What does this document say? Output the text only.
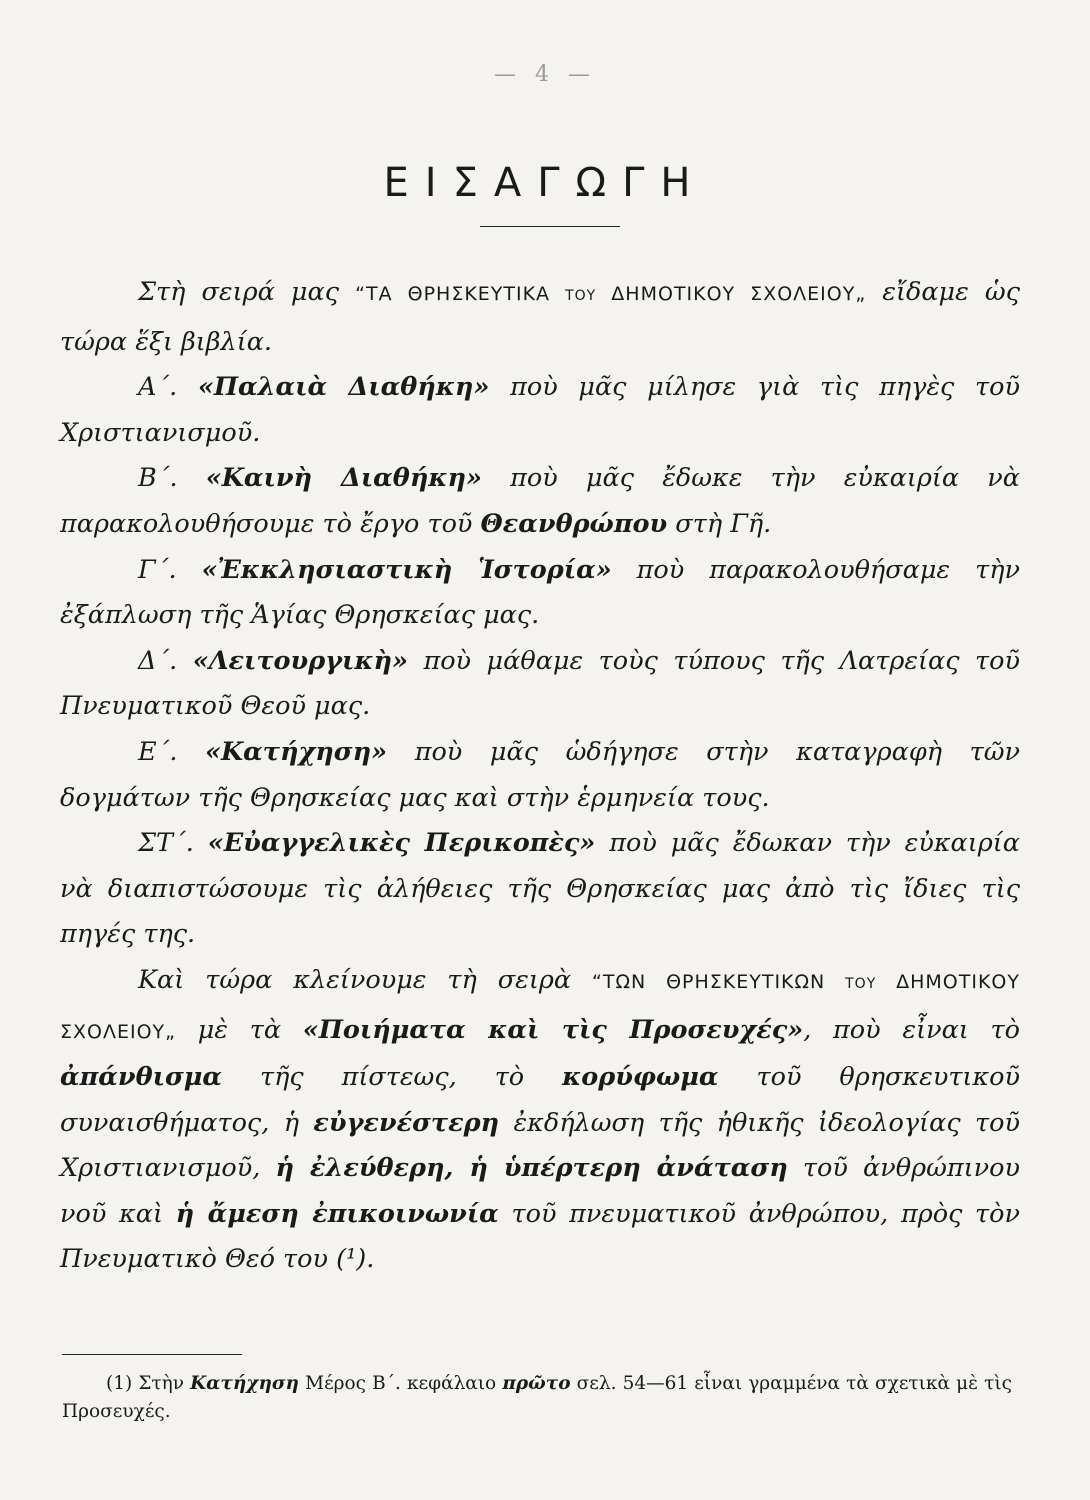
— 4 —
ΕΙΣΑΓΩΓΗ

Στὴ σειρά μας “ΤΑ ΘΡΗΣΚΕΥΤΙΚΑ ΤΟΥ ΔΗΜΟΤΙΚΟΥ ΣΧΟΛΕΙΟΥ„ εἴδαμε ὡς τώρα ἕξι βιβλία.

Α΄. «Παλαιὰ Διαθήκη» ποὺ μᾶς μίλησε γιὰ τὶς πηγὲς τοῦ Χριστιανισμοῦ.

Β΄. «Καινὴ Διαθήκη» ποὺ μᾶς ἔδωκε τὴν εὐκαιρία νὰ παρακολουθήσουμε τὸ ἔργο τοῦ Θεανθρώπου στὴ Γῆ.

Γ΄. «Ἐκκλησιαστικὴ Ἱστορία» ποὺ παρακολουθήσαμε τὴν ἐξάπλωση τῆς Ἁγίας Θρησκείας μας.

Δ΄. «Λειτουργικὴ» ποὺ μάθαμε τοὺς τύπους τῆς Λατρείας τοῦ Πνευματικοῦ Θεοῦ μας.

Ε΄. «Κατήχηση» ποὺ μᾶς ὡδήγησε στὴν καταγραφὴ τῶν δογμάτων τῆς Θρησκείας μας καὶ στὴν ἑρμηνεία τους.

ΣΤ΄. «Εὐαγγελικὲς Περικοπὲς» ποὺ μᾶς ἔδωκαν τὴν εὐκαιρία νὰ διαπιστώσουμε τὶς ἀλήθειες τῆς Θρησκείας μας ἀπὸ τὶς ἴδιες τὶς πηγές της.

Καὶ τώρα κλείνουμε τὴ σειρὰ “ΤΩΝ ΘΡΗΣΚΕΥΤΙΚΩΝ ΤΟΥ ΔΗΜΟΤΙΚΟΥ ΣΧΟΛΕΙΟΥ„ μὲ τὰ «Ποιήματα καὶ τὶς Προσευχές», ποὺ εἶναι τὸ ἀπάνθισμα τῆς πίστεως, τὸ κορύφωμα τοῦ θρησκευτικοῦ συναισθήματος, ἡ εὐγενέστερη ἐκδήλωση τῆς ἠθικῆς ἰδεολογίας τοῦ Χριστιανισμοῦ, ἡ ἐλεύθερη, ἡ ὑπέρτερη ἀνάταση τοῦ ἀνθρώπινου νοῦ καὶ ἡ ἄμεση ἐπικοινωνία τοῦ πνευματικοῦ ἀνθρώπου, πρὸς τὸν Πνευματικὸ Θεό του (¹).

(1) Στὴν Κατήχηση Μέρος Β΄. κεφάλαιο πρῶτο σελ. 54—61 εἶναι γραμμένα τὰ σχετικὰ μὲ τὶς Προσευχές.
